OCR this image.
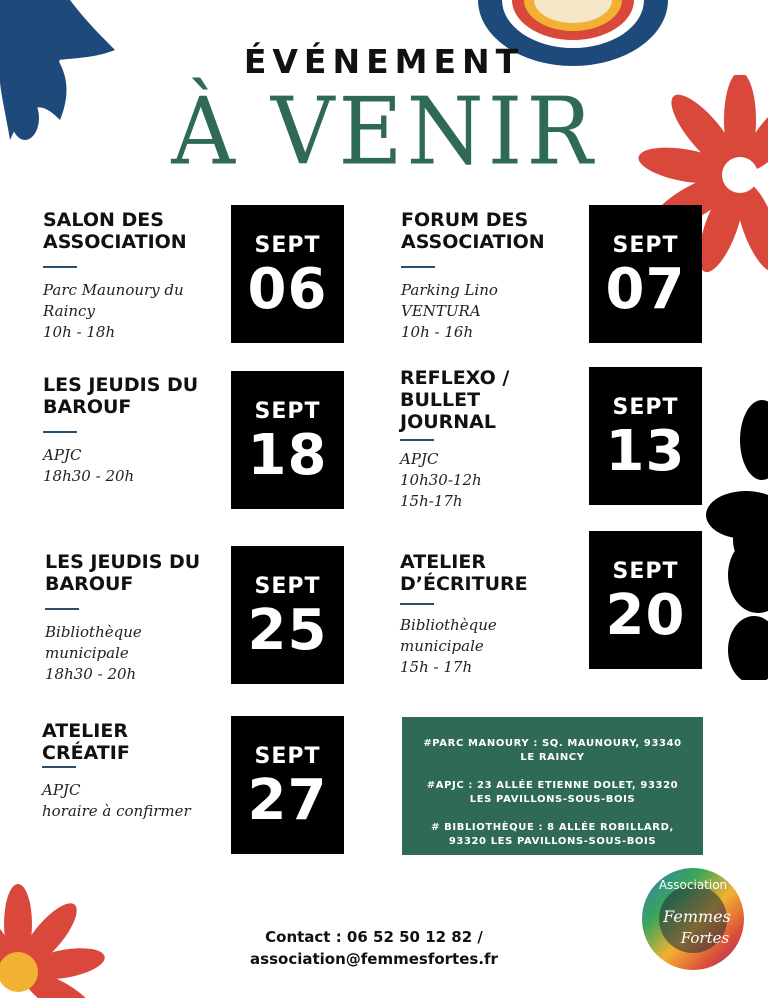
ÉVÉNEMENT
À VENIR
SALON DES
ASSOCIATION
Parc Maunoury du
Raincy
10h - 18h
SEPT
06
LES JEUDIS DU
BAROUF
APJC
18h30 - 20h
SEPT
18
LES JEUDIS DU
BAROUF
Bibliothèque
municipale
18h30 - 20h
SEPT
25
ATELIER
CRÉATIF
APJC
horaire à confirmer
SEPT
27
FORUM DES
ASSOCIATION
Parking Lino
VENTURA
10h - 16h
SEPT
07
REFLEXO /
BULLET
JOURNAL
APJC
10h30-12h
15h-17h
SEPT
13
ATELIER
D’ÉCRITURE
Bibliothèque
municipale
15h - 17h
SEPT
20

#PARC MANOURY : SQ. MAUNOURY, 93340 LE RAINCY

#APJC : 23 ALLÉE ETIENNE DOLET, 93320 LES PAVILLONS-SOUS-BOIS

# BIBLIOTHÈQUE : 8 ALLÉE ROBILLARD, 93320 LES PAVILLONS-SOUS-BOIS

Contact : 06 52 50 12 82 /
association@femmesfortes.fr
Association
Femmes
Fortes
